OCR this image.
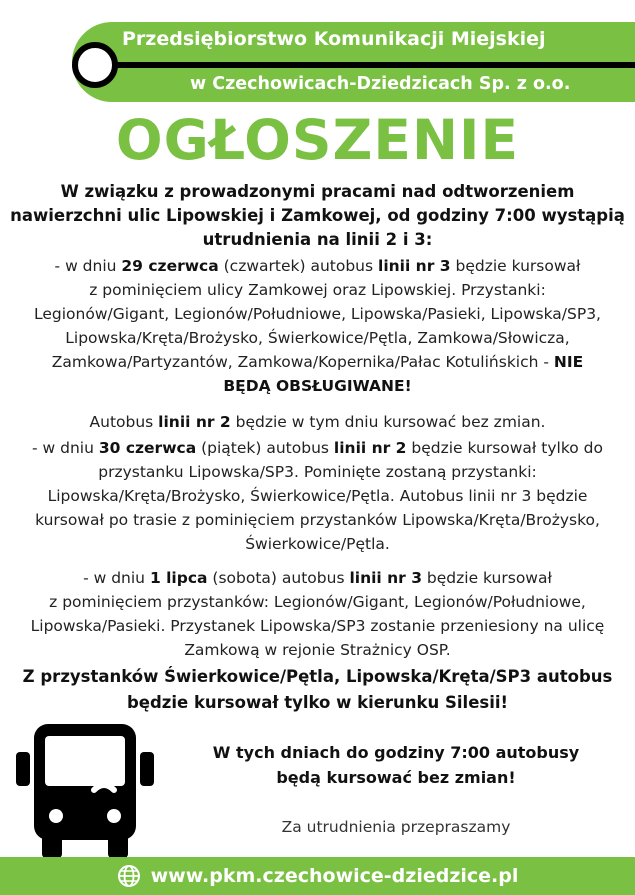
Przedsiębiorstwo Komunikacji Miejskiej
w Czechowicach-Dziedzicach Sp. z o.o.
OGŁOSZENIE
W związku z prowadzonymi pracami nad odtworzeniem
nawierzchni ulic Lipowskiej i Zamkowej, od godziny 7:00 wystąpią
utrudnienia na linii 2 i 3:
- w dniu 29 czerwca (czwartek) autobus linii nr 3 będzie kursował
z pominięciem ulicy Zamkowej oraz Lipowskiej. Przystanki:
Legionów/Gigant, Legionów/Południowe, Lipowska/Pasieki, Lipowska/SP3,
Lipowska/Kręta/Brożysko, Świerkowice/Pętla, Zamkowa/Słowicza,
Zamkowa/Partyzantów, Zamkowa/Kopernika/Pałac Kotulińskich - NIE
BĘDĄ OBSŁUGIWANE!
Autobus linii nr 2 będzie w tym dniu kursować bez zmian.
- w dniu 30 czerwca (piątek) autobus linii nr 2 będzie kursował tylko do
przystanku Lipowska/SP3. Pominięte zostaną przystanki:
Lipowska/Kręta/Brożysko, Świerkowice/Pętla. Autobus linii nr 3 będzie
kursował po trasie z pominięciem przystanków Lipowska/Kręta/Brożysko,
Świerkowice/Pętla.
- w dniu 1 lipca (sobota) autobus linii nr 3 będzie kursował
z pominięciem przystanków: Legionów/Gigant, Legionów/Południowe,
Lipowska/Pasieki. Przystanek Lipowska/SP3 zostanie przeniesiony na ulicę
Zamkową w rejonie Strażnicy OSP.
Z przystanków Świerkowice/Pętla, Lipowska/Kręta/SP3 autobus
będzie kursował tylko w kierunku Silesii!
W tych dniach do godziny 7:00 autobusy
będą kursować bez zmian!
Za utrudnienia przepraszamy
www.pkm.czechowice-dziedzice.pl
